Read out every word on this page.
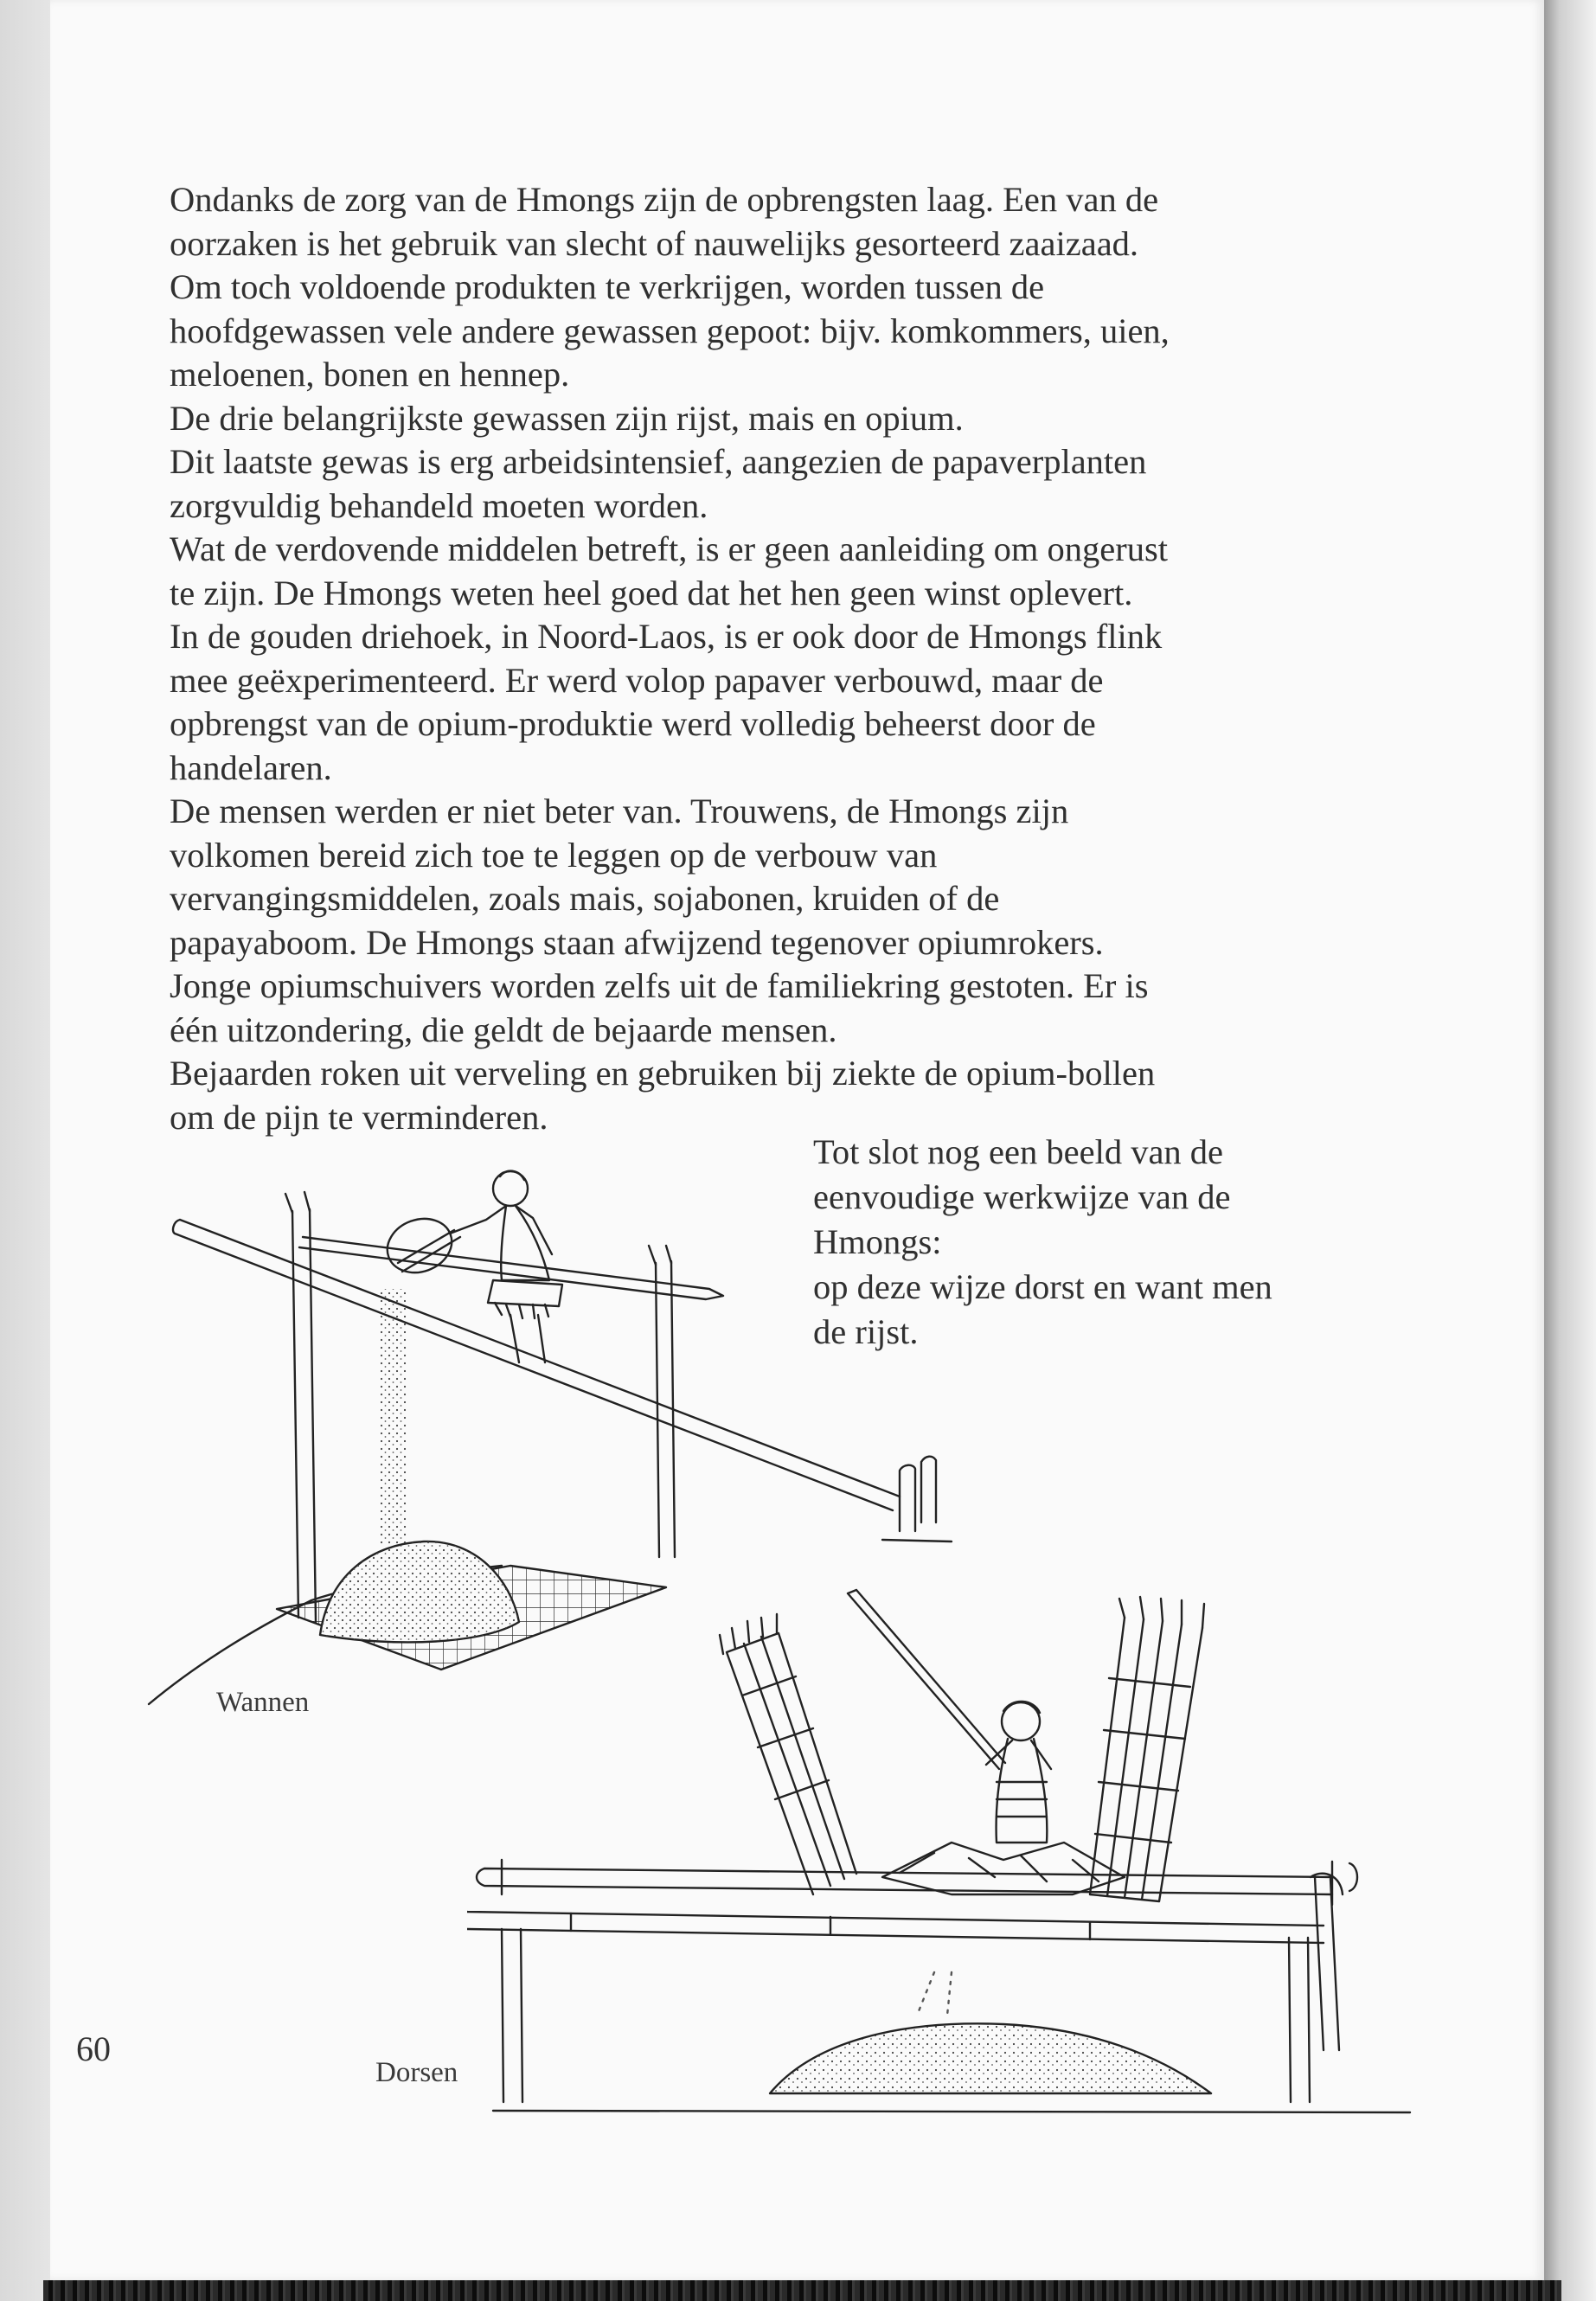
Ondanks de zorg van de Hmongs zijn de opbrengsten laag. Een van de
oorzaken is het gebruik van slecht of nauwelijks gesorteerd zaaizaad.
Om toch voldoende produkten te verkrijgen, worden tussen de
hoofdgewassen vele andere gewassen gepoot: bijv. komkommers, uien,
meloenen, bonen en hennep.
De drie belangrijkste gewassen zijn rijst, mais en opium.
Dit laatste gewas is erg arbeidsintensief, aangezien de papaverplanten
zorgvuldig behandeld moeten worden.
Wat de verdovende middelen betreft, is er geen aanleiding om ongerust
te zijn. De Hmongs weten heel goed dat het hen geen winst oplevert.
In de gouden driehoek, in Noord-Laos, is er ook door de Hmongs flink
mee geëxperimenteerd. Er werd volop papaver verbouwd, maar de
opbrengst van de opium-produktie werd volledig beheerst door de
handelaren.
De mensen werden er niet beter van. Trouwens, de Hmongs zijn
volkomen bereid zich toe te leggen op de verbouw van
vervangingsmiddelen, zoals mais, sojabonen, kruiden of de
papayaboom. De Hmongs staan afwijzend tegenover opiumrokers.
Jonge opiumschuivers worden zelfs uit de familiekring gestoten. Er is
één uitzondering, die geldt de bejaarde mensen.
Bejaarden roken uit verveling en gebruiken bij ziekte de opium-bollen
om de pijn te verminderen.
Tot slot nog een beeld van de
eenvoudige werkwijze van de
Hmongs:
op deze wijze dorst en want men
de rijst.
Wannen
Dorsen
60
